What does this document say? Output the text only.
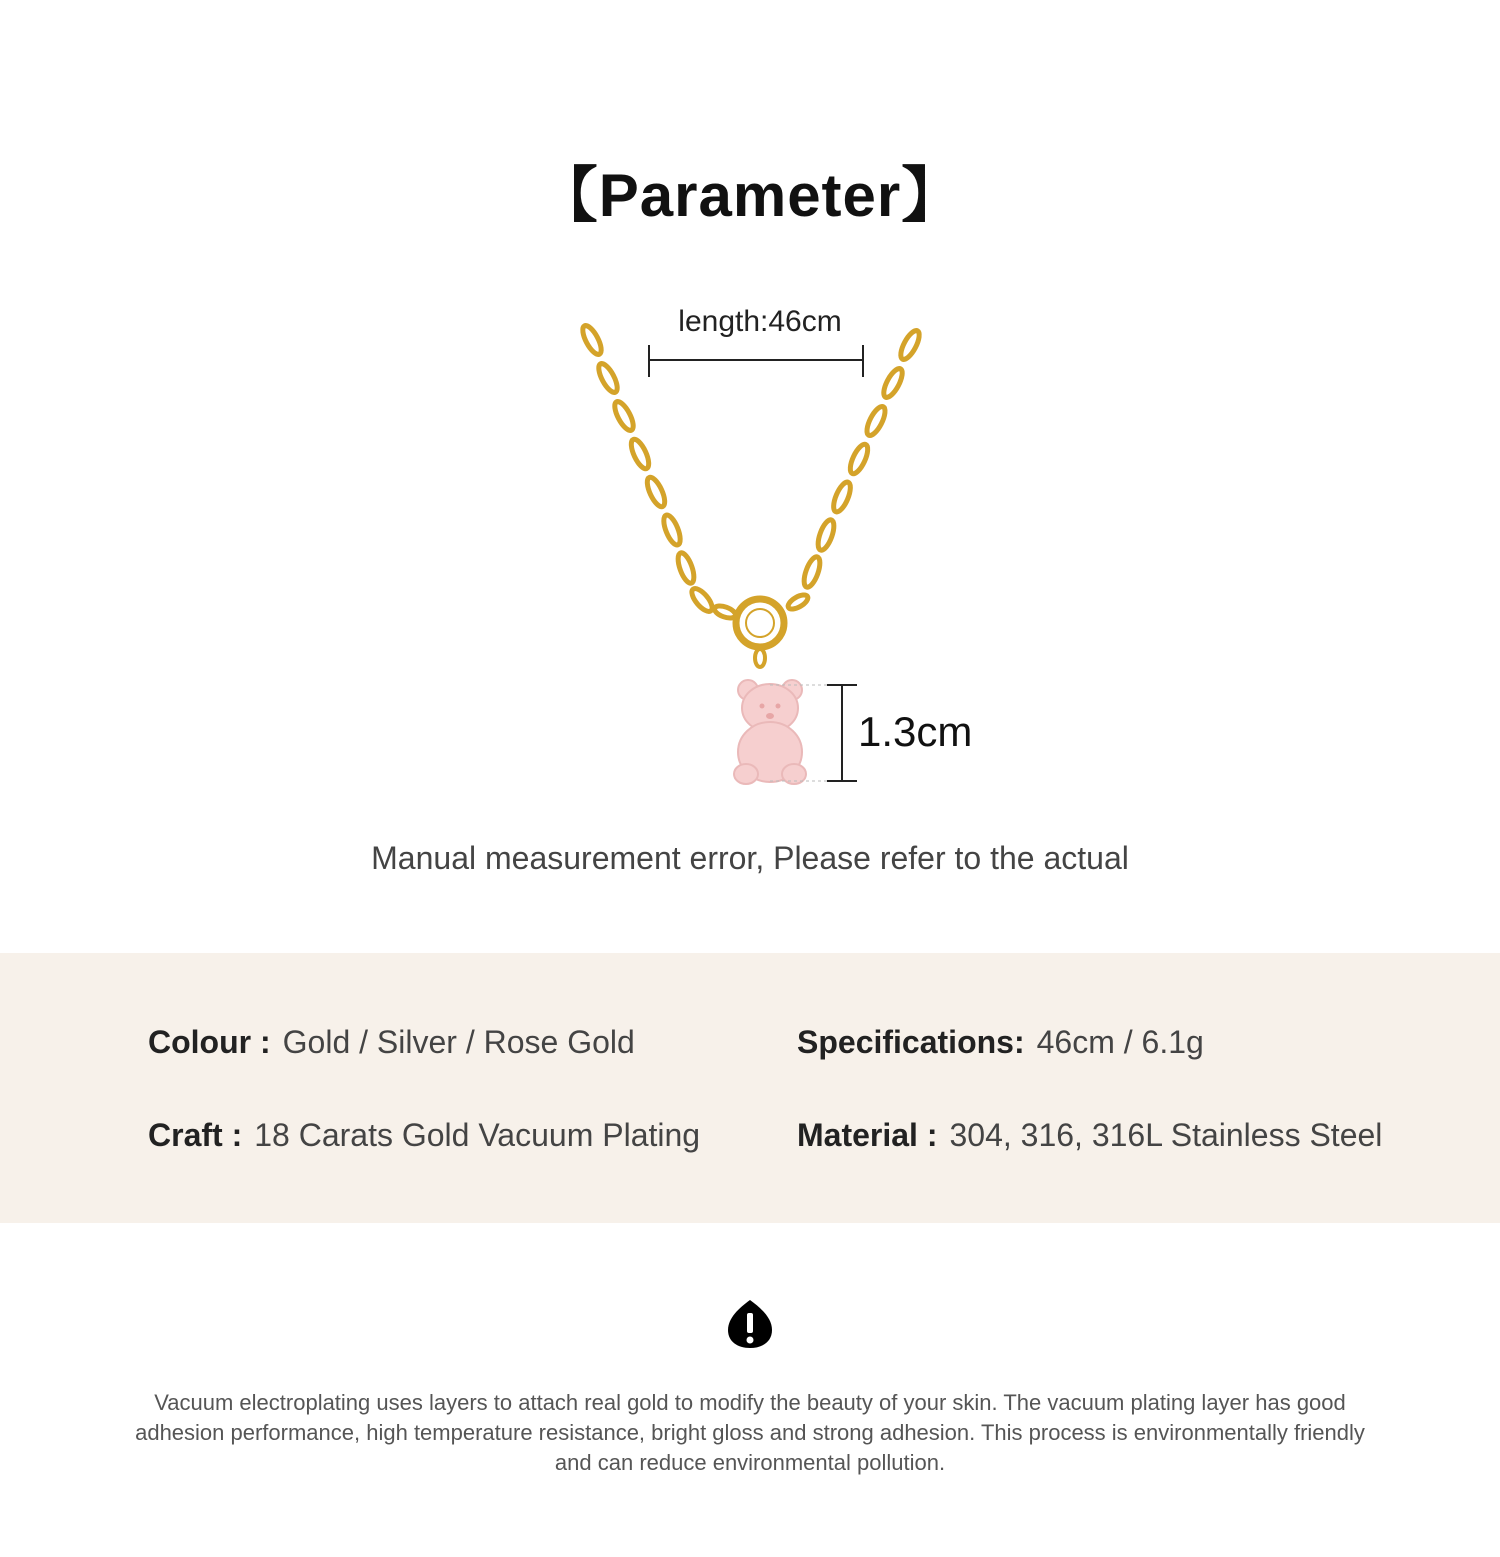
【Parameter】
length:46cm
1.3cm
Manual measurement error, Please refer to the actual
Colour : Gold / Silver / Rose Gold	Specifications: 46cm / 6.1g
Craft : 18 Carats Gold Vacuum Plating	Material : 304, 316, 316L Stainless Steel
Vacuum electroplating uses layers to attach real gold to modify the beauty of your skin. The vacuum plating layer has good adhesion performance, high temperature resistance, bright gloss and strong adhesion. This process is environmentally friendly and can reduce environmental pollution.
